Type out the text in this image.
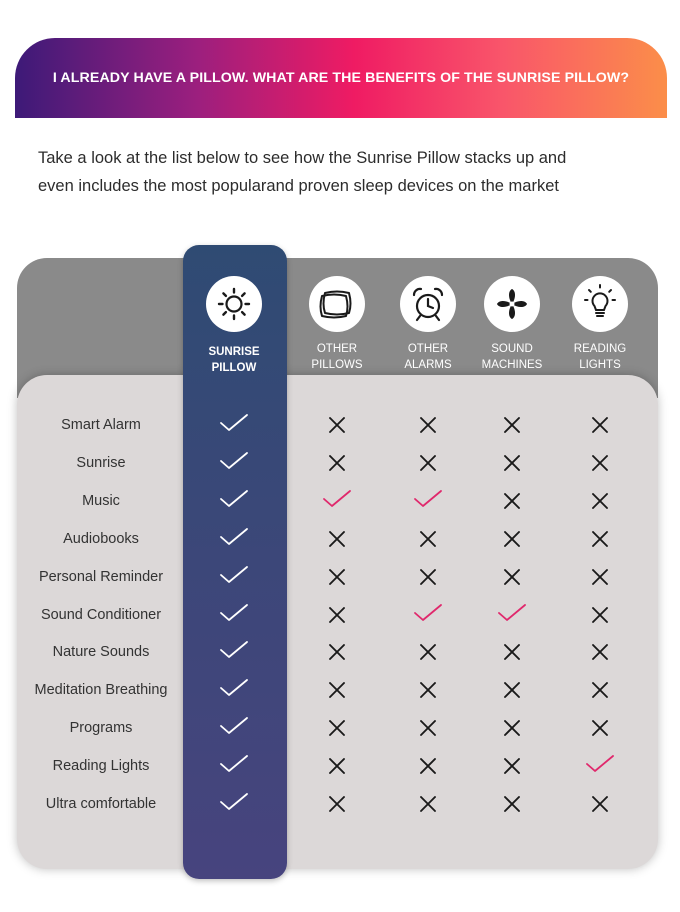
I ALREADY HAVE A PILLOW. WHAT ARE THE BENEFITS OF THE SUNRISE PILLOW?

Take a look at the list below to see how the Sunrise Pillow stacks up and
even includes the most popularand proven sleep devices on the market

SUNRISE
PILLOW
OTHER
PILLOWS
OTHER
ALARMS
SOUND
MACHINES
READING
LIGHTS
Smart Alarm
Sunrise
Music
Audiobooks
Personal Reminder
Sound Conditioner
Nature Sounds
Meditation Breathing
Programs
Reading Lights
Ultra comfortable
